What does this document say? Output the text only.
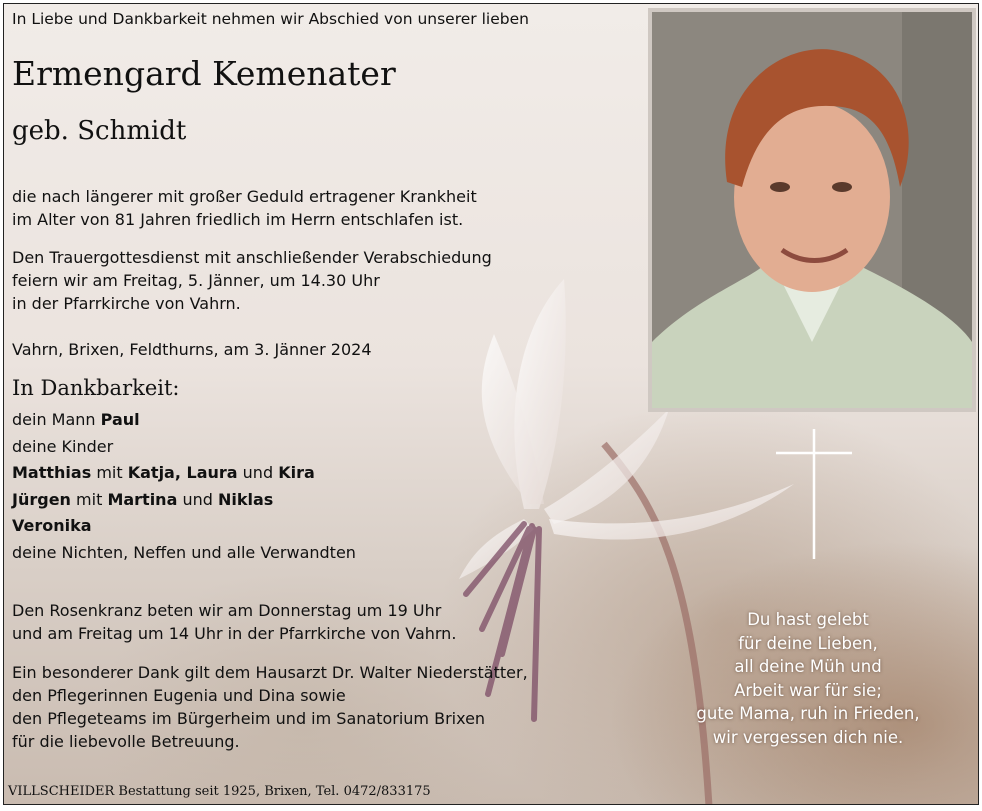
In Liebe und Dankbarkeit nehmen wir Abschied von unserer lieben

Ermengard Kemenater
geb. Schmidt

die nach längerer mit großer Geduld ertragener Krankheit
im Alter von 81 Jahren friedlich im Herrn entschlafen ist.

Den Trauergottesdienst mit anschließender Verabschiedung
feiern wir am Freitag, 5. Jänner, um 14.30 Uhr
in der Pfarrkirche von Vahrn.

Vahrn, Brixen, Feldthurns, am 3. Jänner 2024

In Dankbarkeit:
dein Mann Paul
deine Kinder
Matthias mit Katja, Laura und Kira
Jürgen mit Martina und Niklas
Veronika
deine Nichten, Neffen und alle Verwandten

Den Rosenkranz beten wir am Donnerstag um 19 Uhr
und am Freitag um 14 Uhr in der Pfarrkirche von Vahrn.

Ein besonderer Dank gilt dem Hausarzt Dr. Walter Niederstätter,
den Pflegerinnen Eugenia und Dina sowie
den Pflegeteams im Bürgerheim und im Sanatorium Brixen
für die liebevolle Betreuung.

VILLSCHEIDER Bestattung seit 1925, Brixen, Tel. 0472/833175

Du hast gelebt
für deine Lieben,
all deine Müh und
Arbeit war für sie;
gute Mama, ruh in Frieden,
wir vergessen dich nie.
